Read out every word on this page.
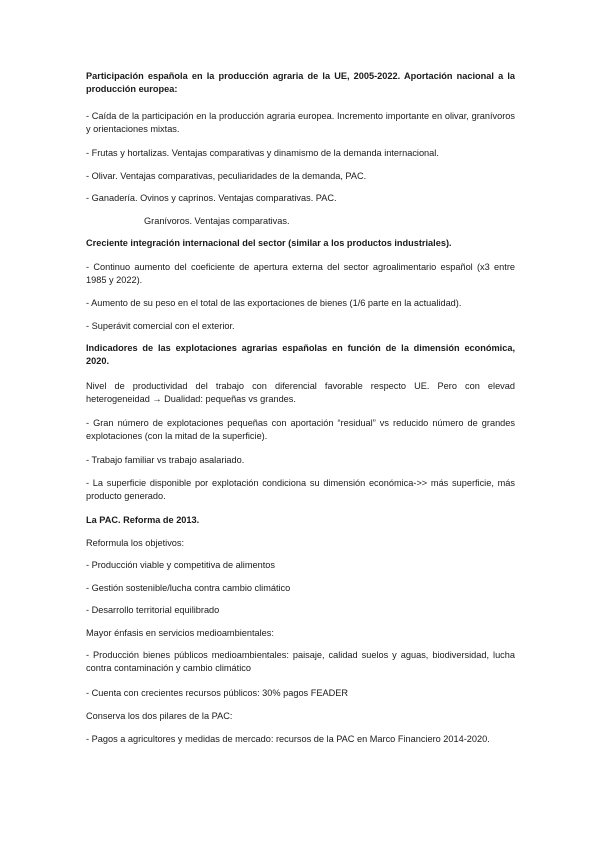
Participación española en la producción agraria de la UE, 2005-2022. Aportación nacional a la producción europea:

- Caída de la participación en la producción agraria europea. Incremento importante en olivar, granívoros y orientaciones mixtas.

- Frutas y hortalizas. Ventajas comparativas y dinamismo de la demanda internacional.

- Olivar. Ventajas comparativas, peculiaridades de la demanda, PAC.

- Ganadería. Ovinos y caprinos. Ventajas comparativas. PAC.

Granívoros. Ventajas comparativas.

Creciente integración internacional del sector (similar a los productos industriales).

- Continuo aumento del coeficiente de apertura externa del sector agroalimentario español (x3 entre 1985 y 2022).

- Aumento de su peso en el total de las exportaciones de bienes (1/6 parte en la actualidad).

- Superávit comercial con el exterior.

Indicadores de las explotaciones agrarias españolas en función de la dimensión económica, 2020.

Nivel de productividad del trabajo con diferencial favorable respecto UE. Pero con elevad heterogeneidad → Dualidad: pequeñas vs grandes.

- Gran número de explotaciones pequeñas con aportación “residual” vs reducido número de grandes explotaciones (con la mitad de la superficie).

- Trabajo familiar vs trabajo asalariado.

- La superficie disponible por explotación condiciona su dimensión económica->> más superficie, más producto generado.

La PAC. Reforma de 2013.

Reformula los objetivos:

- Producción viable y competitiva de alimentos

- Gestión sostenible/lucha contra cambio climático

- Desarrollo territorial equilibrado

Mayor énfasis en servicios medioambientales:

- Producción bienes públicos medioambientales: paisaje, calidad suelos y aguas, biodiversidad, lucha contra contaminación y cambio climático

- Cuenta con crecientes recursos públicos: 30% pagos FEADER

Conserva los dos pilares de la PAC:

- Pagos a agricultores y medidas de mercado: recursos de la PAC en Marco Financiero 2014-2020.
